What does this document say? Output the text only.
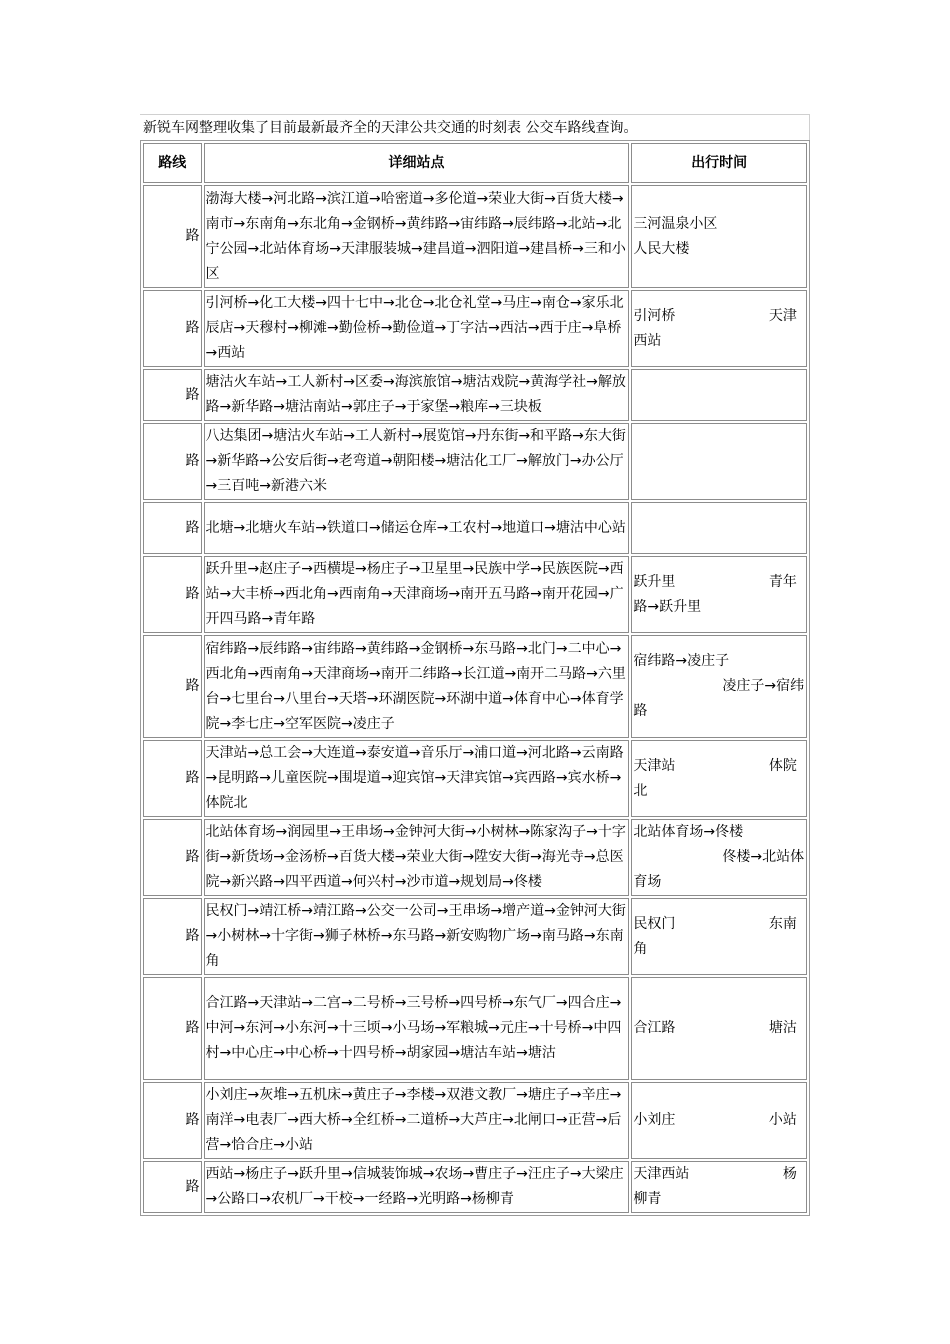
新锐车网整理收集了目前最新最齐全的天津公共交通的时刻表 公交车路线查询。
路线	详细站点	出行时间
路	渤海大楼→河北路→滨江道→哈密道→多伦道→荣业大街→百货大楼→南市→东南角→东北角→金钢桥→黄纬路→宙纬路→辰纬路→北站→北宁公园→北站体育场→天津服装城→建昌道→泗阳道→建昌桥→三和小区	三河温泉小区
人民大楼
路	引河桥→化工大楼→四十七中→北仓→北仓礼堂→马庄→南仓→家乐北辰店→天穆村→柳滩→勤俭桥→勤俭道→丁字沽→西沽→西于庄→阜桥→西站	引河桥                     天津西站
路	塘沽火车站→工人新村→区委→海滨旅馆→塘沽戏院→黄海学社→解放路→新华路→塘沽南站→郭庄子→于家堡→粮库→三块板	
路	八达集团→塘沽火车站→工人新村→展览馆→丹东街→和平路→东大街→新华路→公安后街→老弯道→朝阳楼→塘沽化工厂→解放门→办公厅→三百吨→新港六米	
路	北塘→北塘火车站→铁道口→储运仓库→工农村→地道口→塘沽中心站	
路	跃升里→赵庄子→西横堤→杨庄子→卫星里→民族中学→民族医院→西站→大丰桥→西北角→西南角→天津商场→南开五马路→南开花园→广开四马路→青年路	跃升里                     青年路→跃升里
路	宿纬路→辰纬路→宙纬路→黄纬路→金钢桥→东马路→北门→二中心→西北角→西南角→天津商场→南开二纬路→长江道→南开二马路→六里台→七里台→八里台→天塔→环湖医院→环湖中道→体育中心→体育学院→李七庄→空军医院→凌庄子	宿纬路→凌庄子
凌庄子→宿纬路
路	天津站→总工会→大连道→泰安道→音乐厅→浦口道→河北路→云南路→昆明路→儿童医院→围堤道→迎宾馆→天津宾馆→宾西路→宾水桥→体院北	天津站                     体院北
路	北站体育场→润园里→王串场→金钟河大街→小树林→陈家沟子→十字街→新货场→金汤桥→百货大楼→荣业大街→陞安大街→海光寺→总医院→新兴路→四平西道→何兴村→沙市道→规划局→佟楼	北站体育场→佟楼
佟楼→北站体育场
路	民权门→靖江桥→靖江路→公交一公司→王串场→增产道→金钟河大街→小树林→十字街→狮子林桥→东马路→新安购物广场→南马路→东南角	民权门                     东南角
路	合江路→天津站→二宫→二号桥→三号桥→四号桥→东气厂→四合庄→中河→东河→小东河→十三顷→小马场→军粮城→元庄→十号桥→中四村→中心庄→中心桥→十四号桥→胡家园→塘沽车站→塘沽	合江路                     塘沽
路	小刘庄→灰堆→五机床→黄庄子→李楼→双港文教厂→塘庄子→辛庄→南洋→电表厂→西大桥→全红桥→二道桥→大芦庄→北闸口→正营→后营→恰合庄→小站	小刘庄                     小站
路	西站→杨庄子→跃升里→信城装饰城→农场→曹庄子→汪庄子→大梁庄→公路口→农机厂→干校→一经路→光明路→杨柳青	天津西站                     杨柳青
